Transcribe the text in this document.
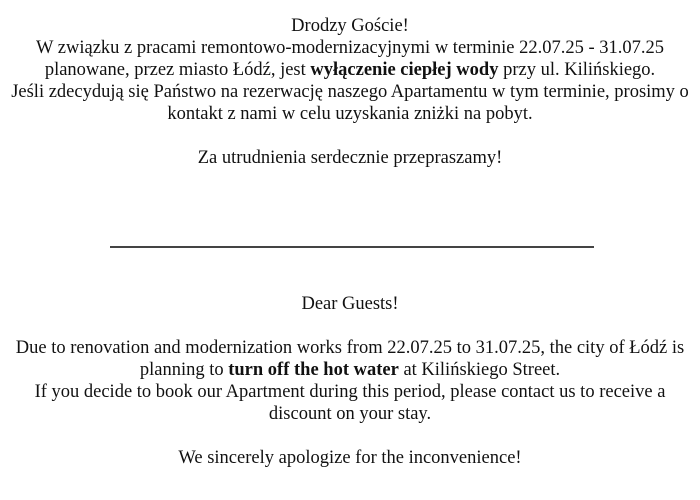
Drodzy Goście!
W związku z pracami remontowo-modernizacyjnymi w terminie 22.07.25 - 31.07.25
planowane, przez miasto Łódź, jest wyłączenie ciepłej wody przy ul. Kilińskiego.
Jeśli zdecydują się Państwo na rezerwację naszego Apartamentu w tym terminie, prosimy o
kontakt z nami w celu uzyskania zniżki na pobyt.
Za utrudnienia serdecznie przepraszamy!
Dear Guests!
Due to renovation and modernization works from 22.07.25 to 31.07.25, the city of Łódź is
planning to turn off the hot water at Kilińskiego Street.
If you decide to book our Apartment during this period, please contact us to receive a
discount on your stay.
We sincerely apologize for the inconvenience!
